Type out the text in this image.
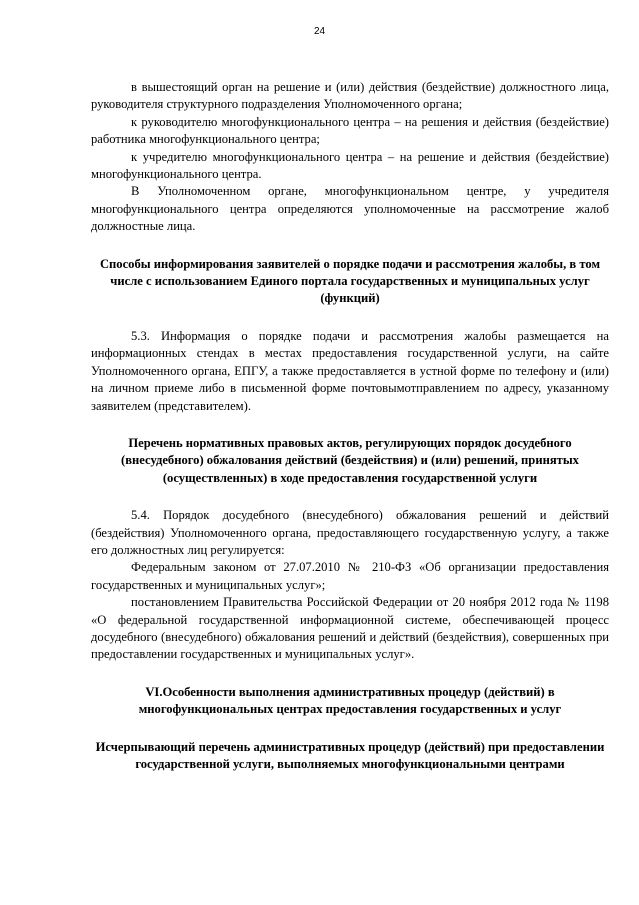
24

в вышестоящий орган на решение и (или) действия (бездействие) должностного лица, руководителя структурного подразделения Уполномоченного органа;

к руководителю многофункционального центра – на решения и действия (бездействие) работника многофункционального центра;

к учредителю многофункционального центра – на решение и действия (бездействие) многофункционального центра.

В Уполномоченном органе, многофункциональном центре, у учредителя многофункционального центра определяются уполномоченные на рассмотрение жалоб должностные лица.

Способы информирования заявителей о порядке подачи и рассмотрения жалобы, в том числе с использованием Единого портала государственных и муниципальных услуг (функций)

5.3. Информация о порядке подачи и рассмотрения жалобы размещается на информационных стендах в местах предоставления государственной услуги, на сайте Уполномоченного органа, ЕПГУ, а также предоставляется в устной форме по телефону и (или) на личном приеме либо в письменной форме почтовымотправлением по адресу, указанному заявителем (представителем).

Перечень нормативных правовых актов, регулирующих порядок досудебного (внесудебного) обжалования действий (бездействия) и (или) решений, принятых (осуществленных) в ходе предоставления государственной услуги

5.4. Порядок досудебного (внесудебного) обжалования решений и действий (бездействия) Уполномоченного органа, предоставляющего государственную услугу, а также его должностных лиц регулируется:

Федеральным законом от 27.07.2010 № 210-ФЗ «Об организации предоставления государственных и муниципальных услуг»;

постановлением Правительства Российской Федерации от 20 ноября 2012 года № 1198 «О федеральной государственной информационной системе, обеспечивающей процесс досудебного (внесудебного) обжалования решений и действий (бездействия), совершенных при предоставлении государственных и муниципальных услуг».

VI.Особенности выполнения административных процедур (действий) в многофункциональных центрах предоставления государственных и услуг
Исчерпывающий перечень административных процедур (действий) при предоставлении государственной услуги, выполняемых многофункциональными центрами
